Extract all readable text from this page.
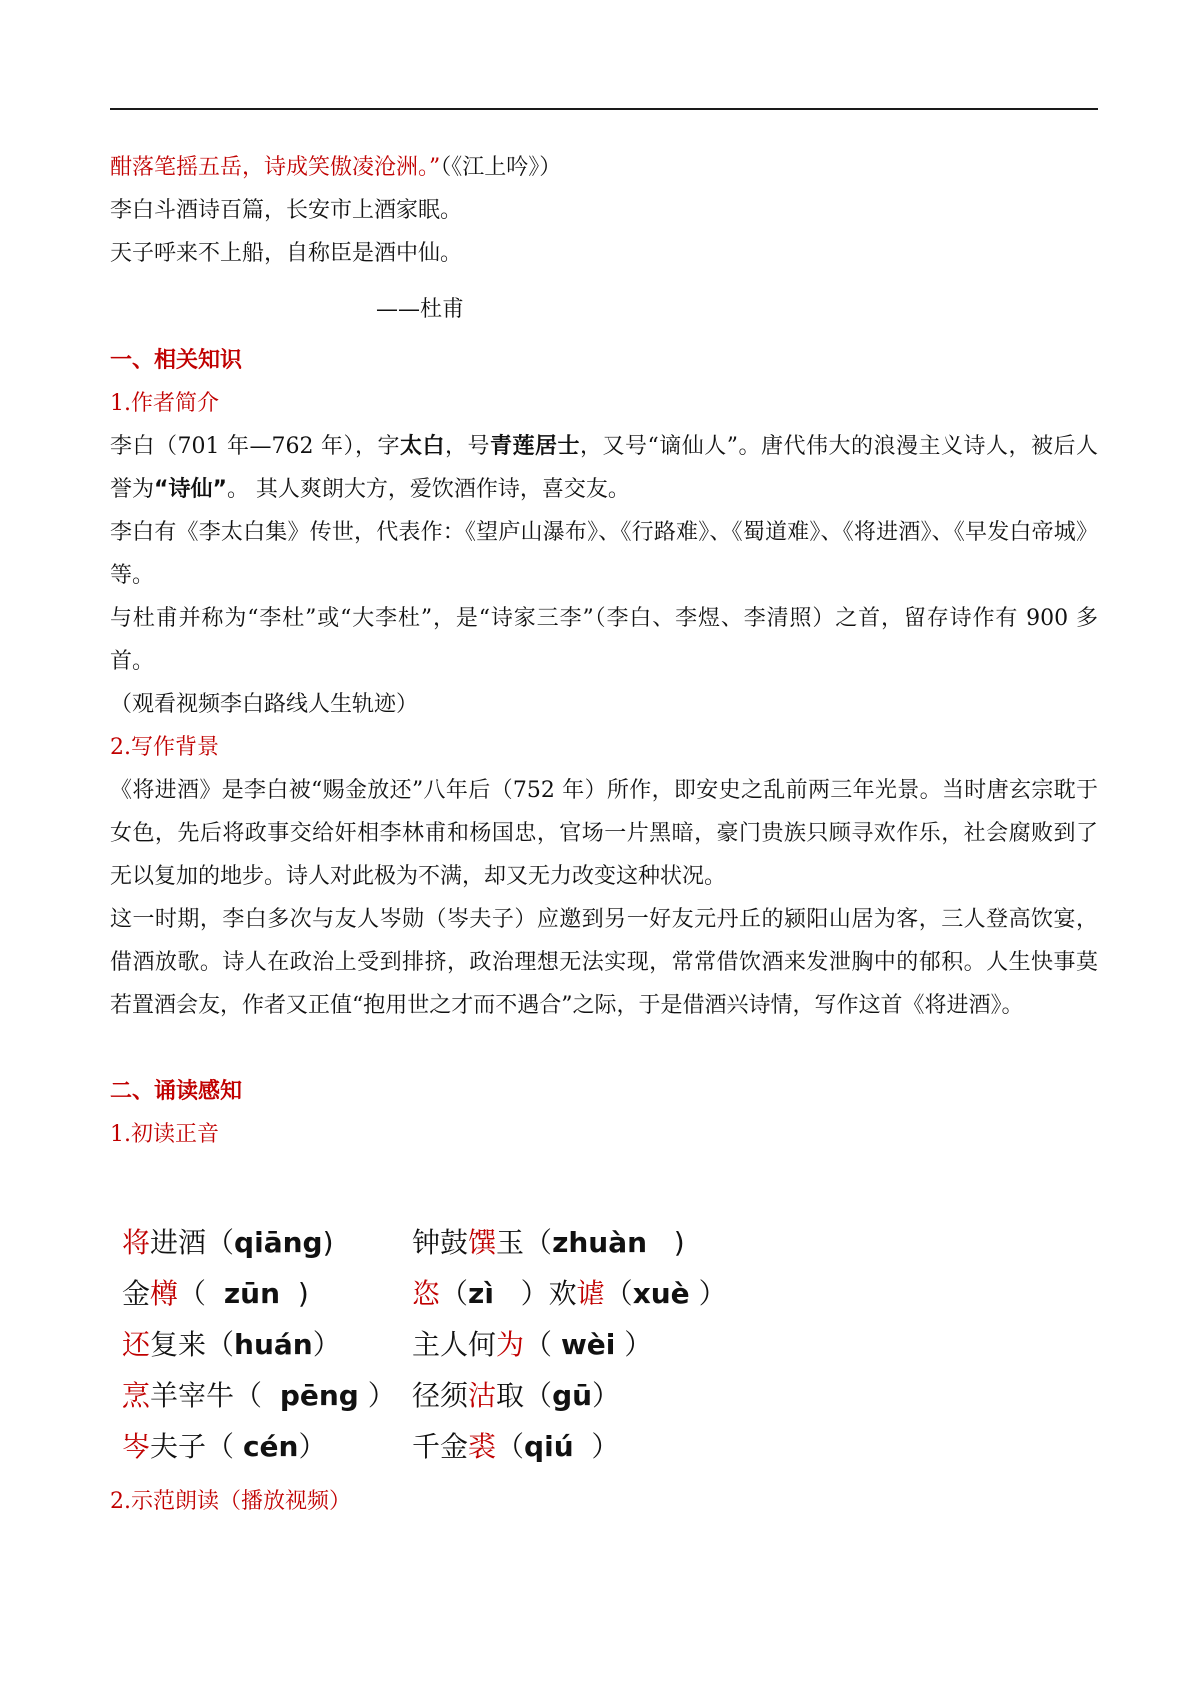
酣落笔摇五岳，诗成笑傲凌沧洲。”（《江上吟》）

李白斗酒诗百篇，长安市上酒家眠。

天子呼来不上船，自称臣是酒中仙。

——杜甫

一、相关知识

1.作者简介

李白（701 年—762 年），字太白，号青莲居士，又号“谪仙人”。唐代伟大的浪漫主义诗人，被后人誉为“诗仙”。 其人爽朗大方，爱饮酒作诗，喜交友。

李白有《李太白集》传世，代表作：《望庐山瀑布》、《行路难》、《蜀道难》、《将进酒》、《早发白帝城》等。

与杜甫并称为“李杜”或“大李杜”，是“诗家三李”（李白、李煜、李清照）之首，留存诗作有 900 多首。

（观看视频李白路线人生轨迹）

2.写作背景

《将进酒》是李白被“赐金放还”八年后（752 年）所作，即安史之乱前两三年光景。当时唐玄宗耽于女色，先后将政事交给奸相李林甫和杨国忠，官场一片黑暗，豪门贵族只顾寻欢作乐，社会腐败到了无以复加的地步。诗人对此极为不满，却又无力改变这种状况。

这一时期，李白多次与友人岑勋（岑夫子）应邀到另一好友元丹丘的颍阳山居为客，三人登高饮宴，借酒放歌。诗人在政治上受到排挤，政治理想无法实现，常常借饮酒来发泄胸中的郁积。人生快事莫若置酒会友，作者又正值“抱用世之才而不遇合”之际，于是借酒兴诗情，写作这首《将进酒》。

二、诵读感知

1.初读正音

将进酒（qiāng)	钟鼓馔玉（zhuàn   )
金樽（  zūn  )	恣（zì   ）欢谑（xuè ）
还复来（huán）	主人何为（ wèi ）
烹羊宰牛（  pēng ） 径须沽取（gū）
岑夫子（ cén）	千金裘（qiú  ）

2.示范朗读（播放视频）
